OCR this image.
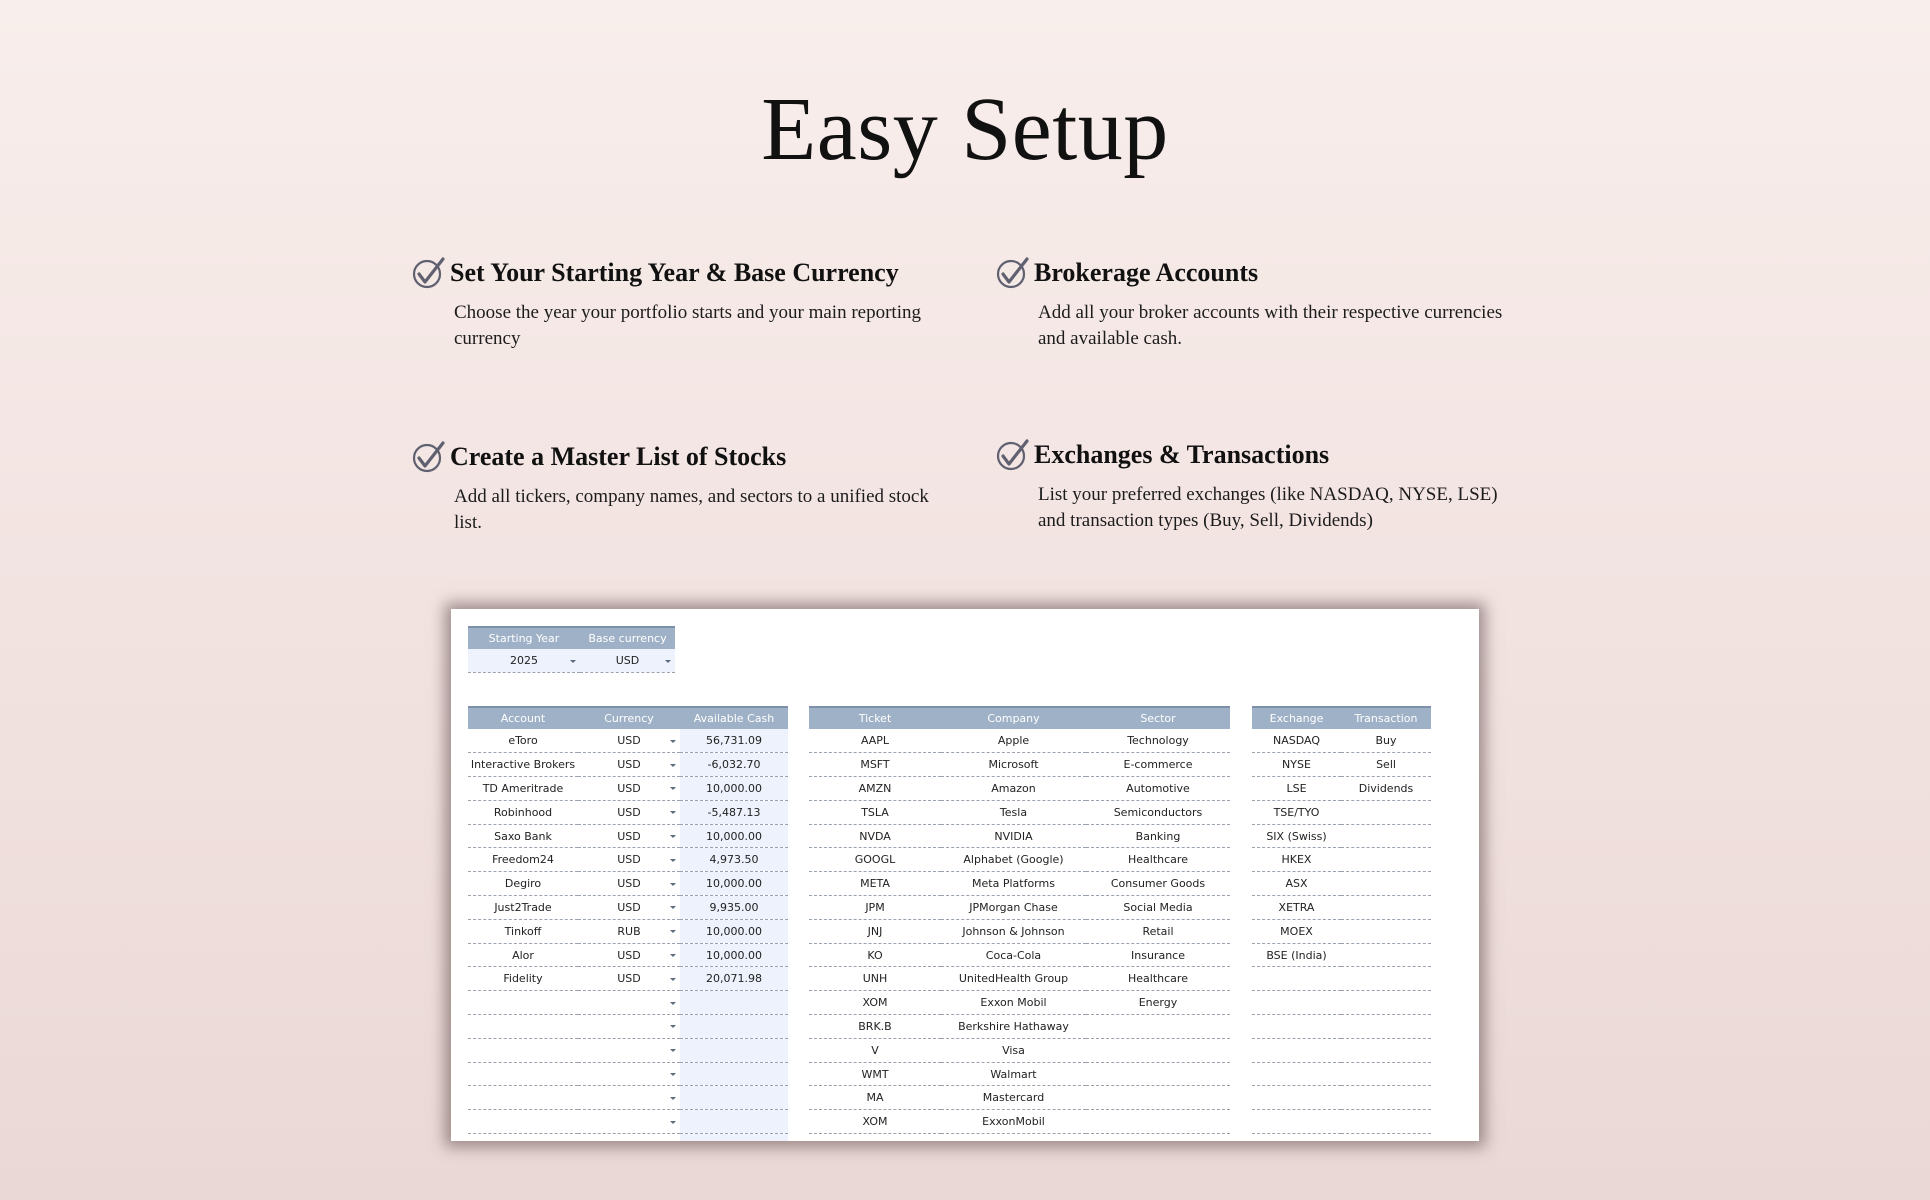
Easy Setup
Set Your Starting Year & Base Currency

Choose the year your portfolio starts and your main reporting currency

Brokerage Accounts

Add all your broker accounts with their respective currencies and available cash.

Create a Master List of Stocks

Add all tickers, company names, and sectors to a unified stock list.

Exchanges & Transactions

List your preferred exchanges (like NASDAQ, NYSE, LSE) and transaction types (Buy, Sell, Dividends)

Starting Year	Base currency
2025	USD
Account	Currency	Available Cash
eToro	USD	56,731.09
Interactive Brokers	USD	-6,032.70
TD Ameritrade	USD	10,000.00
Robinhood	USD	-5,487.13
Saxo Bank	USD	10,000.00
Freedom24	USD	4,973.50
Degiro	USD	10,000.00
Just2Trade	USD	9,935.00
Tinkoff	RUB	10,000.00
Alor	USD	10,000.00
Fidelity	USD	20,071.98

Ticket	Company	Sector
AAPL	Apple	Technology
MSFT	Microsoft	E-commerce
AMZN	Amazon	Automotive
TSLA	Tesla	Semiconductors
NVDA	NVIDIA	Banking
GOOGL	Alphabet (Google)	Healthcare
META	Meta Platforms	Consumer Goods
JPM	JPMorgan Chase	Social Media
JNJ	Johnson & Johnson	Retail
KO	Coca-Cola	Insurance
UNH	UnitedHealth Group	Healthcare
XOM	Exxon Mobil	Energy
BRK.B	Berkshire Hathaway	
V	Visa	
WMT	Walmart	
MA	Mastercard	
XOM	ExxonMobil	

Exchange	Transaction
NASDAQ	Buy
NYSE	Sell
LSE	Dividends
TSE/TYO	
SIX (Swiss)	
HKEX	
ASX	
XETRA	
MOEX	
BSE (India)	
